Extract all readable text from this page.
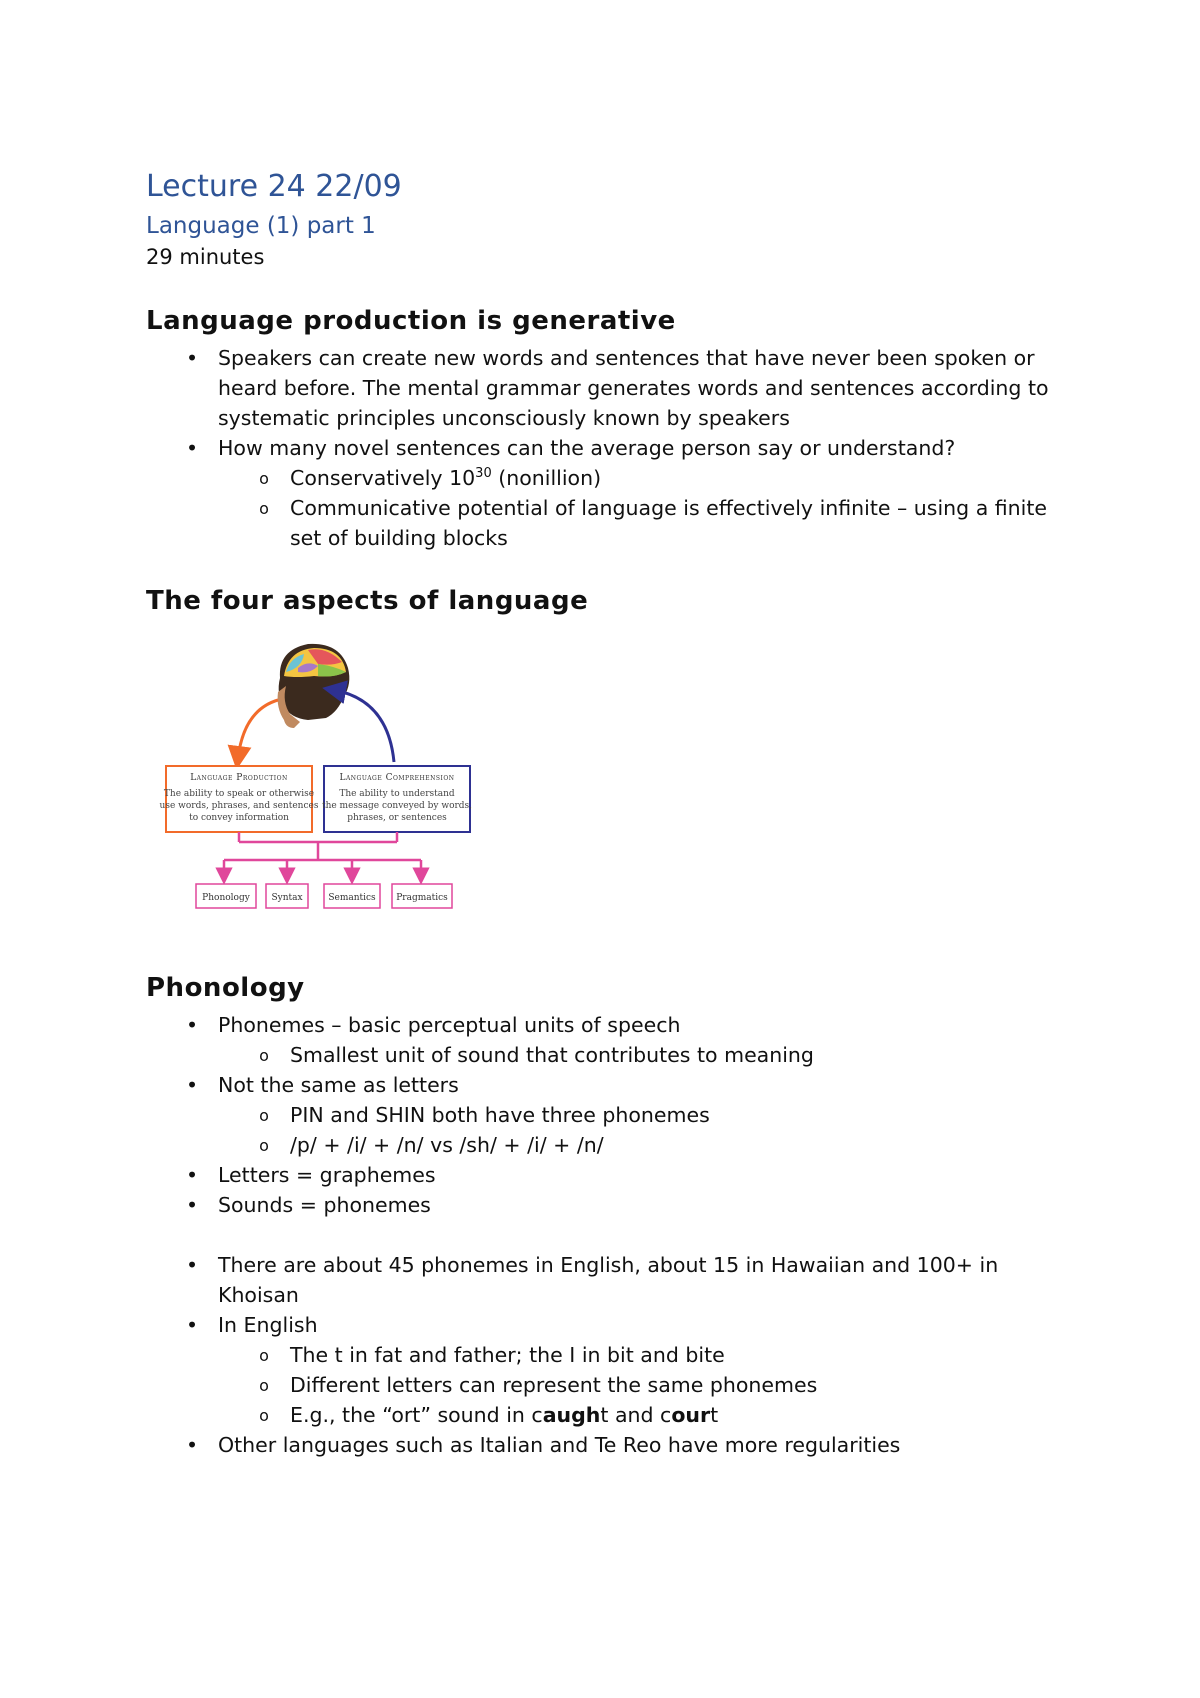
Lecture 24 22/09
Language (1) part 1

29 minutes

Language production is generative
• Speakers can create new words and sentences that have never been spoken or heard before. The mental grammar generates words and sentences according to systematic principles unconsciously known by speakers
• How many novel sentences can the average person say or understand?
o Conservatively $10^{30}$ (nonillion)
o Communicative potential of language is effectively infinite – using a finite set of building blocks
The four aspects of language
Language Production
The ability to speak or otherwise
use words, phrases, and sentences
to convey information
Language Comprehension
The ability to understand
the message conveyed by words,
phrases, or sentences
Phonology Syntax	Semantics Pragmatics
Phonology
• Phonemes – basic perceptual units of speech
o Smallest unit of sound that contributes to meaning
• Not the same as letters
o PIN and SHIN both have three phonemes
o /p/ + /i/ + /n/ vs /sh/ + /i/ + /n/
• Letters = graphemes
• Sounds = phonemes
• There are about 45 phonemes in English, about 15 in Hawaiian and 100+ in Khoisan
• In English
o The t in fat and father; the I in bit and bite
o Different letters can represent the same phonemes
o E.g., the “ort” sound in caught and court
• Other languages such as Italian and Te Reo have more regularities
